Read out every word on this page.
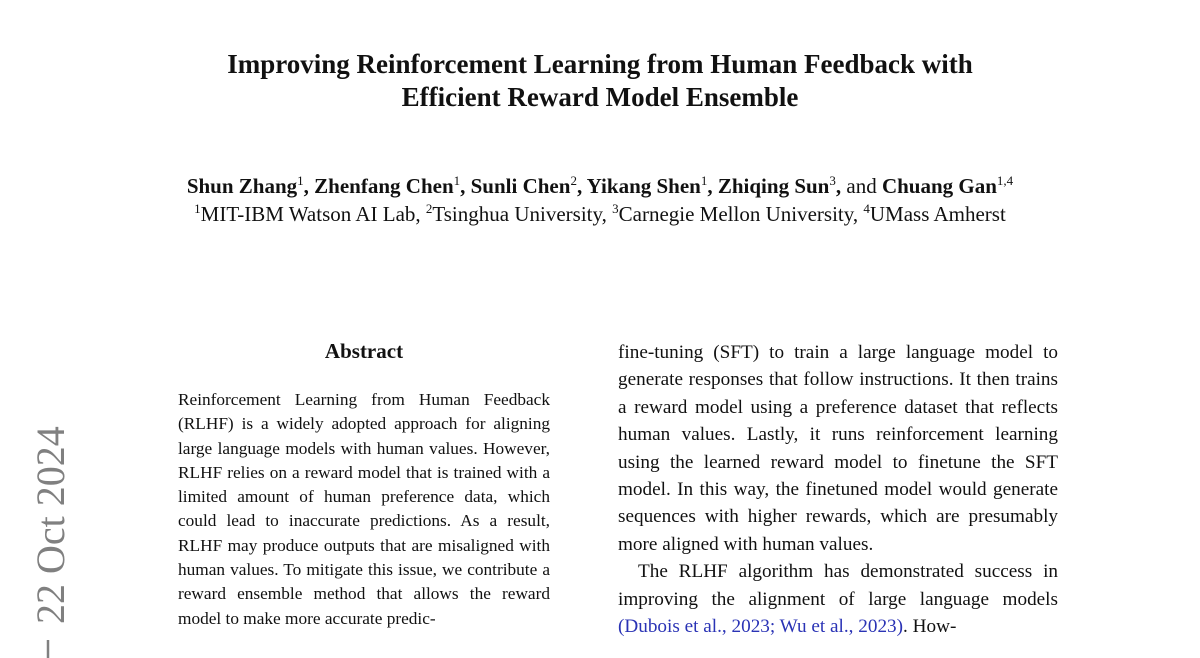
Improving Reinforcement Learning from Human Feedback with
Efficient Reward Model Ensemble
Shun Zhang$^1$, Zhenfang Chen$^1$, Sunli Chen$^2$, Yikang Shen$^1$, Zhiqing Sun$^3$, and Chuang Gan$^{1,4}$
$^1$MIT-IBM Watson AI Lab, $^2$Tsinghua University, $^3$Carnegie Mellon University, $^4$UMass Amherst
Abstract
Reinforcement Learning from Human Feedback (RLHF) is a widely adopted approach for aligning large language models with human values. However, RLHF relies on a reward model that is trained with a limited amount of human preference data, which could lead to inaccurate predictions. As a result, RLHF may produce outputs that are misaligned with human values. To mitigate this issue, we contribute a reward ensemble method that allows the reward model to make more accurate predic-

fine-tuning (SFT) to train a large language model to generate responses that follow instructions. It then trains a reward model using a preference dataset that reflects human values. Lastly, it runs reinforcement learning using the learned reward model to finetune the SFT model. In this way, the finetuned model would generate sequences with higher rewards, which are presumably more aligned with human values.

The RLHF algorithm has demonstrated success in improving the alignment of large language models (Dubois et al., 2023; Wu et al., 2023). How-

22 Oct 2024
